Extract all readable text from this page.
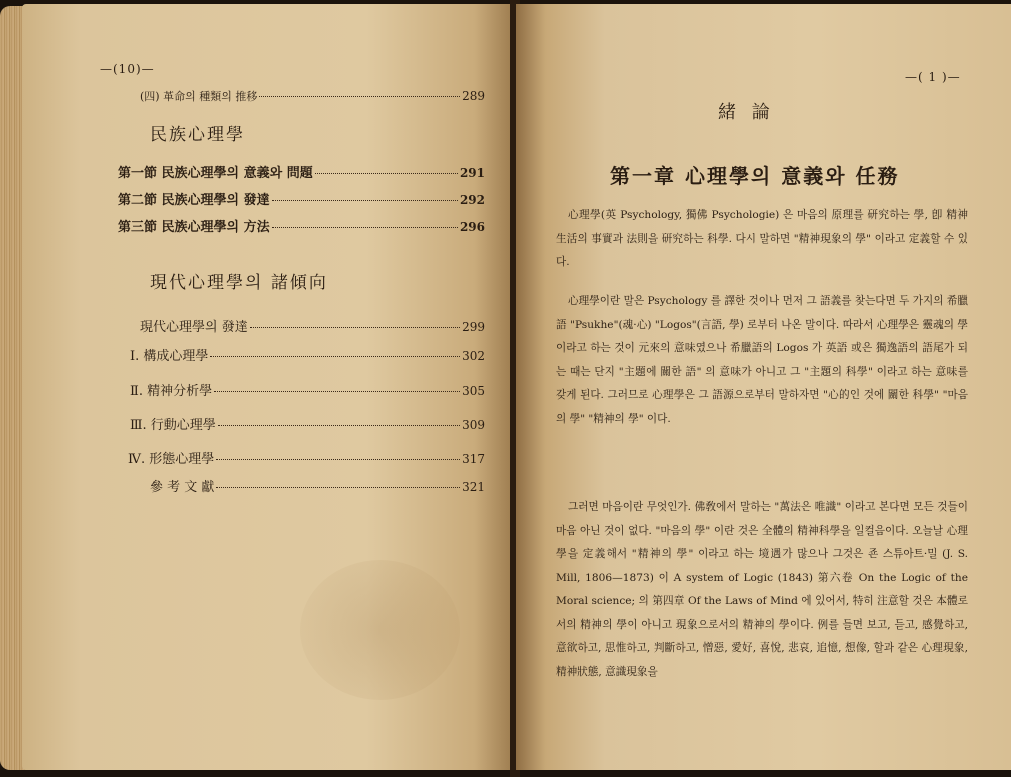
—(10)—
(四) 革命의 種類의 推移	289
民族心理學
第一節 民族心理學의 意義와 問題	291
第二節 民族心理學의 發達	292
第三節 民族心理學의 方法	296
現代心理學의 諸傾向
現代心理學의 發達	299
Ⅰ. 構成心理學	302
Ⅱ. 精神分析學	305
Ⅲ. 行動心理學	309
Ⅳ. 形態心理學	317
參 考 文 獻	321
—( 1 )—
緒 論
第一章 心理學의 意義와 任務

心理學(英 Psychology, 獨佛 Psychologie) 은 마음의 原理를 研究하는 學, 卽 精神生活의 事實과 法則을 研究하는 科學. 다시 말하면 "精神現象의 學" 이라고 定義할 수 있다.

心理學이란 말은 Psychology 를 譯한 것이나 먼저 그 語義를 찾는다면 두 가지의 希臘語 "Psukhe"(魂·心) "Logos"(言語, 學) 로부터 나온 말이다. 따라서 心理學은 靈魂의 學이라고 하는 것이 元來의 意味였으나 希臘語의 Logos 가 英語 或은 獨逸語의 語尾가 되는 때는 단지 "主題에 關한 語" 의 意味가 아니고 그 "主題의 科學" 이라고 하는 意味를 갖게 된다. 그러므로 心理學은 그 語源으로부터 말하자면 "心的인 것에 關한 科學" "마음의 學" "精神의 學" 이다.

그러면 마음이란 무엇인가. 佛敎에서 말하는 "萬法은 唯識" 이라고 본다면 모든 것들이 마음 아닌 것이 없다. "마음의 學" 이란 것은 全體의 精神科學을 일컬음이다. 오늘날 心理學을 定義해서 "精神의 學" 이라고 하는 境遇가 많으나 그것은 죤 스튜아트·밀 (J. S. Mill, 1806—1873) 이 A system of Logic (1843) 第六卷 On the Logic of the Moral science; 의 第四章 Of the Laws of Mind 에 있어서, 特히 注意할 것은 本體로서의 精神의 學이 아니고 現象으로서의 精神의 學이다. 例를 들면 보고, 듣고, 感覺하고, 意欲하고, 思惟하고, 判斷하고, 憎惡, 愛好, 喜悅, 悲哀, 追憶, 想像, 할과 같은 心理現象, 精神狀態, 意識現象을
